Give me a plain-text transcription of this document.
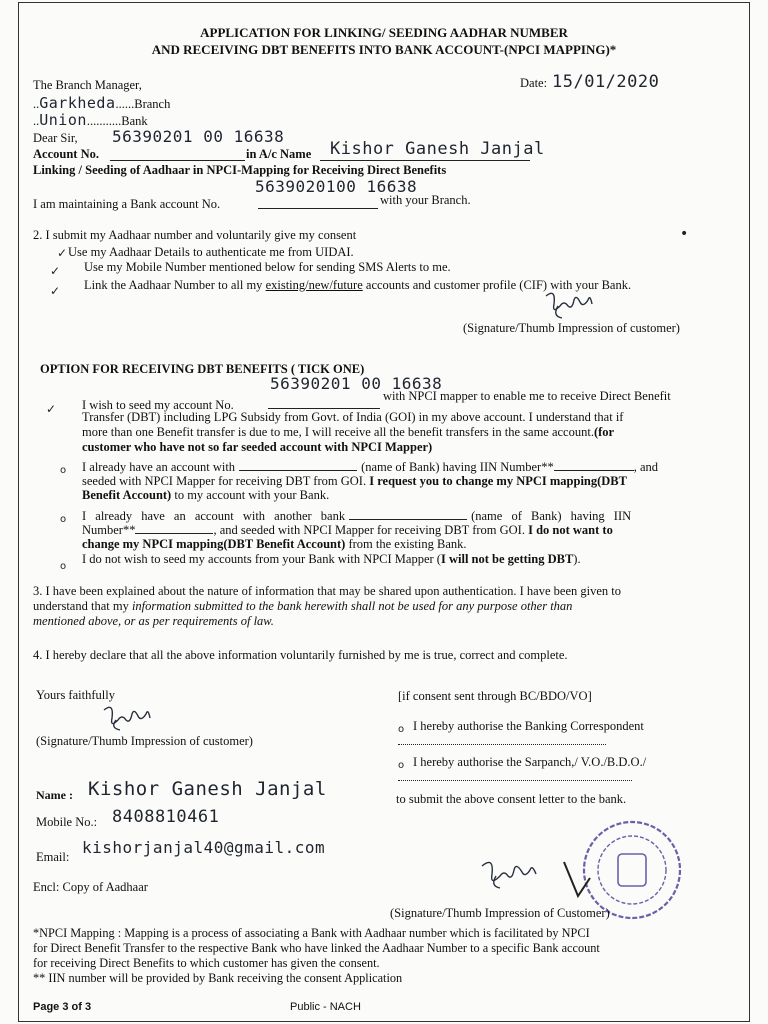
APPLICATION FOR LINKING/ SEEDING AADHAR NUMBER
AND RECEIVING DBT BENEFITS INTO BANK ACCOUNT-(NPCI MAPPING)*
The Branch Manager,	Date: 15/01/2020
..Garkheda......Branch
..Union...........Bank
Dear Sir, 56390201 00 16638
Account No.	in A/c Name Kishor Ganesh Janjal
Linking / Seeding of Aadhaar in NPCI-Mapping for Receiving Direct Benefits
5639020100 16638
I am maintaining a Bank account No.	with your Branch.
2. I submit my Aadhaar number and voluntarily give my consent	•
✓ Use my Aadhaar Details to authenticate me from UIDAI.
✓ Use my Mobile Number mentioned below for sending SMS Alerts to me.
✓ Link the Aadhaar Number to all my existing/new/future accounts and customer profile (CIF) with your Bank.
(Signature/Thumb Impression of customer)
OPTION FOR RECEIVING DBT BENEFITS ( TICK ONE)
56390201 00 16638
✓ I wish to seed my account No.
with NPCI mapper to enable me to receive Direct Benefit
Transfer (DBT) including LPG Subsidy from Govt. of India (GOI) in my above account. I understand that if
more than one Benefit transfer is due to me, I will receive all the benefit transfers in the same account.(for
customer who have not so far seeded account with NPCI Mapper)
o I already have an account with	(name of Bank) having IIN Number**	, and
seeded with NPCI Mapper for receiving DBT from GOI. I request you to change my NPCI mapping(DBT
Benefit Account) to my account with your Bank.
o I already have an account with another bank	(name of Bank) having IIN
Number**	, and seeded with NPCI Mapper for receiving DBT from GOI. I do not want to
change my NPCI mapping(DBT Benefit Account) from the existing Bank.
o
I do not wish to seed my accounts from your Bank with NPCI Mapper (I will not be getting DBT).
3. I have been explained about the nature of information that may be shared upon authentication. I have been given to
understand that my information submitted to the bank herewith shall not be used for any purpose other than
mentioned above, or as per requirements of law.
4. I hereby declare that all the above information voluntarily furnished by me is true, correct and complete.
Yours faithfully
(Signature/Thumb Impression of customer)
Name : Kishor Ganesh Janjal
Mobile No.: 8408810461
Email: kishorjanjal40@gmail.com
Encl: Copy of Aadhaar
[if consent sent through BC/BDO/VO]
o I hereby authorise the Banking Correspondent
o I hereby authorise the Sarpanch,/ V.O./B.D.O./
to submit the above consent letter to the bank.
(Signature/Thumb Impression of Customer)
*NPCI Mapping : Mapping is a process of associating a Bank with Aadhaar number which is facilitated by NPCI
for Direct Benefit Transfer to the respective Bank who have linked the Aadhaar Number to a specific Bank account
for receiving Direct Benefits to which customer has given the consent.
** IIN number will be provided by Bank receiving the consent Application
Page 3 of 3	Public - NACH
